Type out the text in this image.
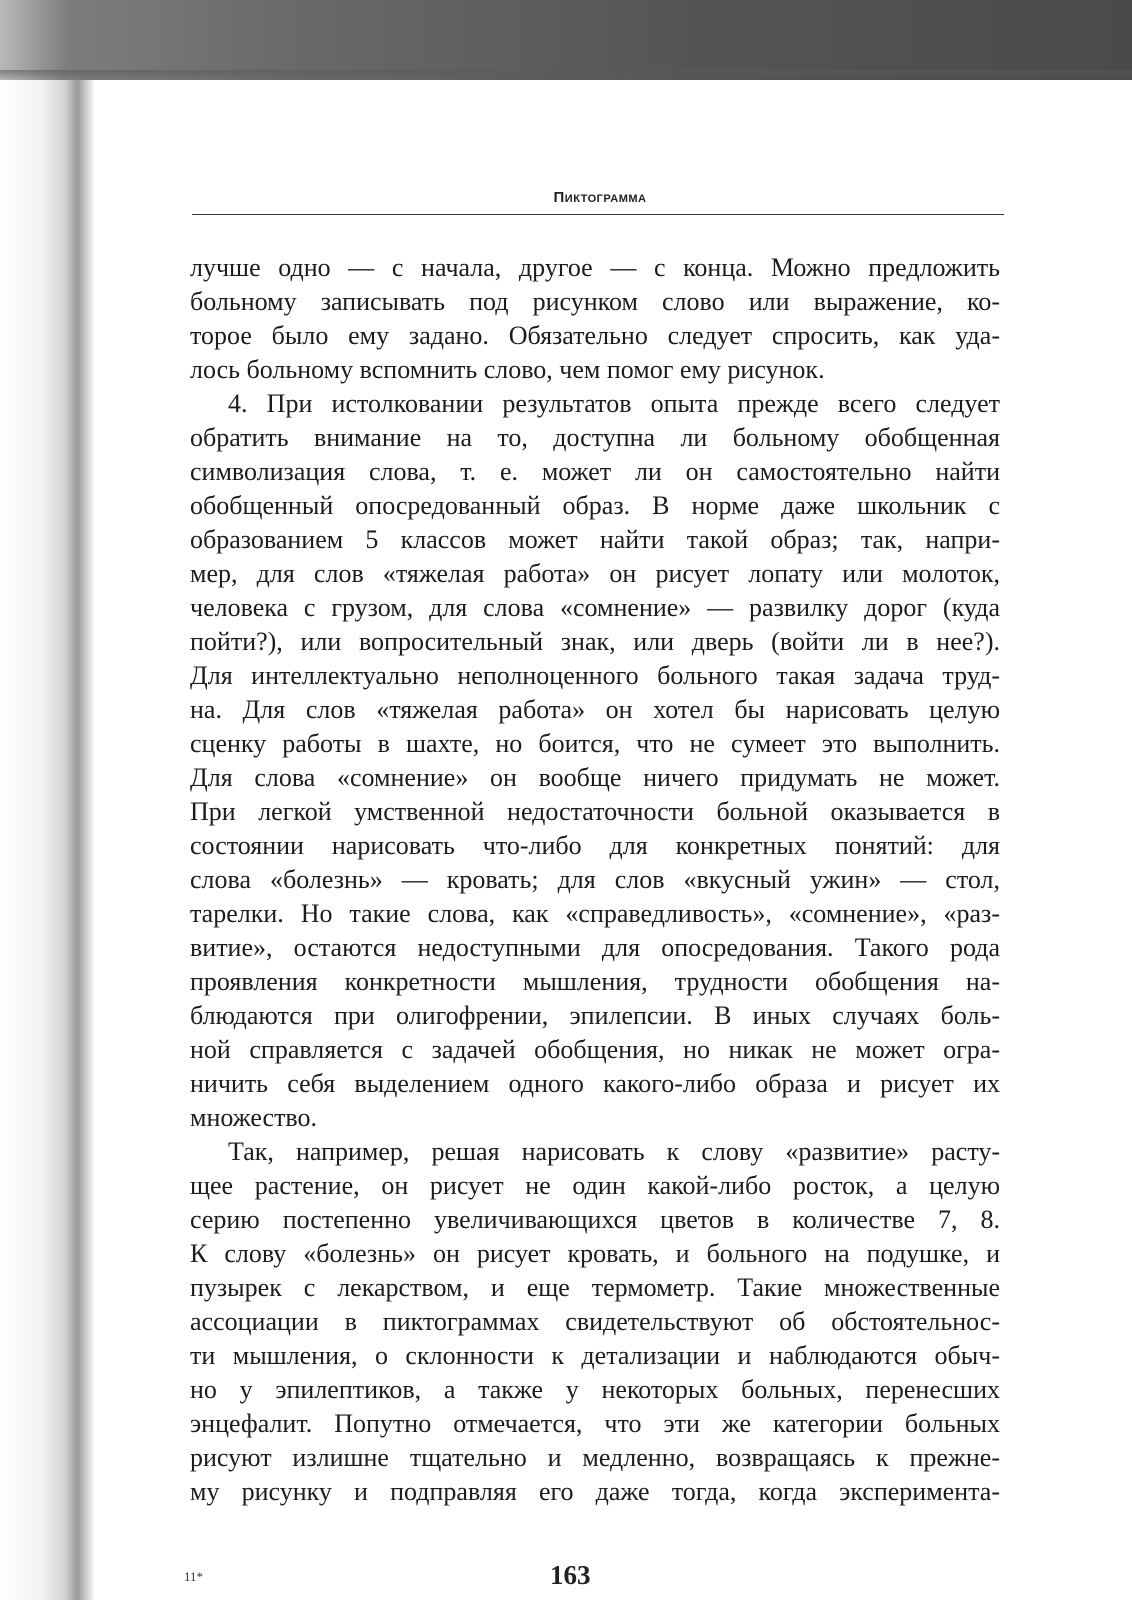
Пиктограмма
лучше одно — с начала, другое — с конца. Можно предложить
больному записывать под рисунком слово или выражение, ко-
торое было ему задано. Обязательно следует спросить, как уда-
лось больному вспомнить слово, чем помог ему рисунок.
4. При истолковании результатов опыта прежде всего следует
обратить внимание на то, доступна ли больному обобщенная
символизация слова, т. е. может ли он самостоятельно найти
обобщенный опосредованный образ. В норме даже школьник с
образованием 5 классов может найти такой образ; так, напри-
мер, для слов «тяжелая работа» он рисует лопату или молоток,
человека с грузом, для слова «сомнение» — развилку дорог (куда
пойти?), или вопросительный знак, или дверь (войти ли в нее?).
Для интеллектуально неполноценного больного такая задача труд-
на. Для слов «тяжелая работа» он хотел бы нарисовать целую
сценку работы в шахте, но боится, что не сумеет это выполнить.
Для слова «сомнение» он вообще ничего придумать не может.
При легкой умственной недостаточности больной оказывается в
состоянии нарисовать что-либо для конкретных понятий: для
слова «болезнь» — кровать; для слов «вкусный ужин» — стол,
тарелки. Но такие слова, как «справедливость», «сомнение», «раз-
витие», остаются недоступными для опосредования. Такого рода
проявления конкретности мышления, трудности обобщения на-
блюдаются при олигофрении, эпилепсии. В иных случаях боль-
ной справляется с задачей обобщения, но никак не может огра-
ничить себя выделением одного какого-либо образа и рисует их
множество.
Так, например, решая нарисовать к слову «развитие» расту-
щее растение, он рисует не один какой-либо росток, а целую
серию постепенно увеличивающихся цветов в количестве 7, 8.
К слову «болезнь» он рисует кровать, и больного на подушке, и
пузырек с лекарством, и еще термометр. Такие множественные
ассоциации в пиктограммах свидетельствуют об обстоятельнос-
ти мышления, о склонности к детализации и наблюдаются обыч-
но у эпилептиков, а также у некоторых больных, перенесших
энцефалит. Попутно отмечается, что эти же категории больных
рисуют излишне тщательно и медленно, возвращаясь к прежне-
му рисунку и подправляя его даже тогда, когда эксперимента-
11*	163
